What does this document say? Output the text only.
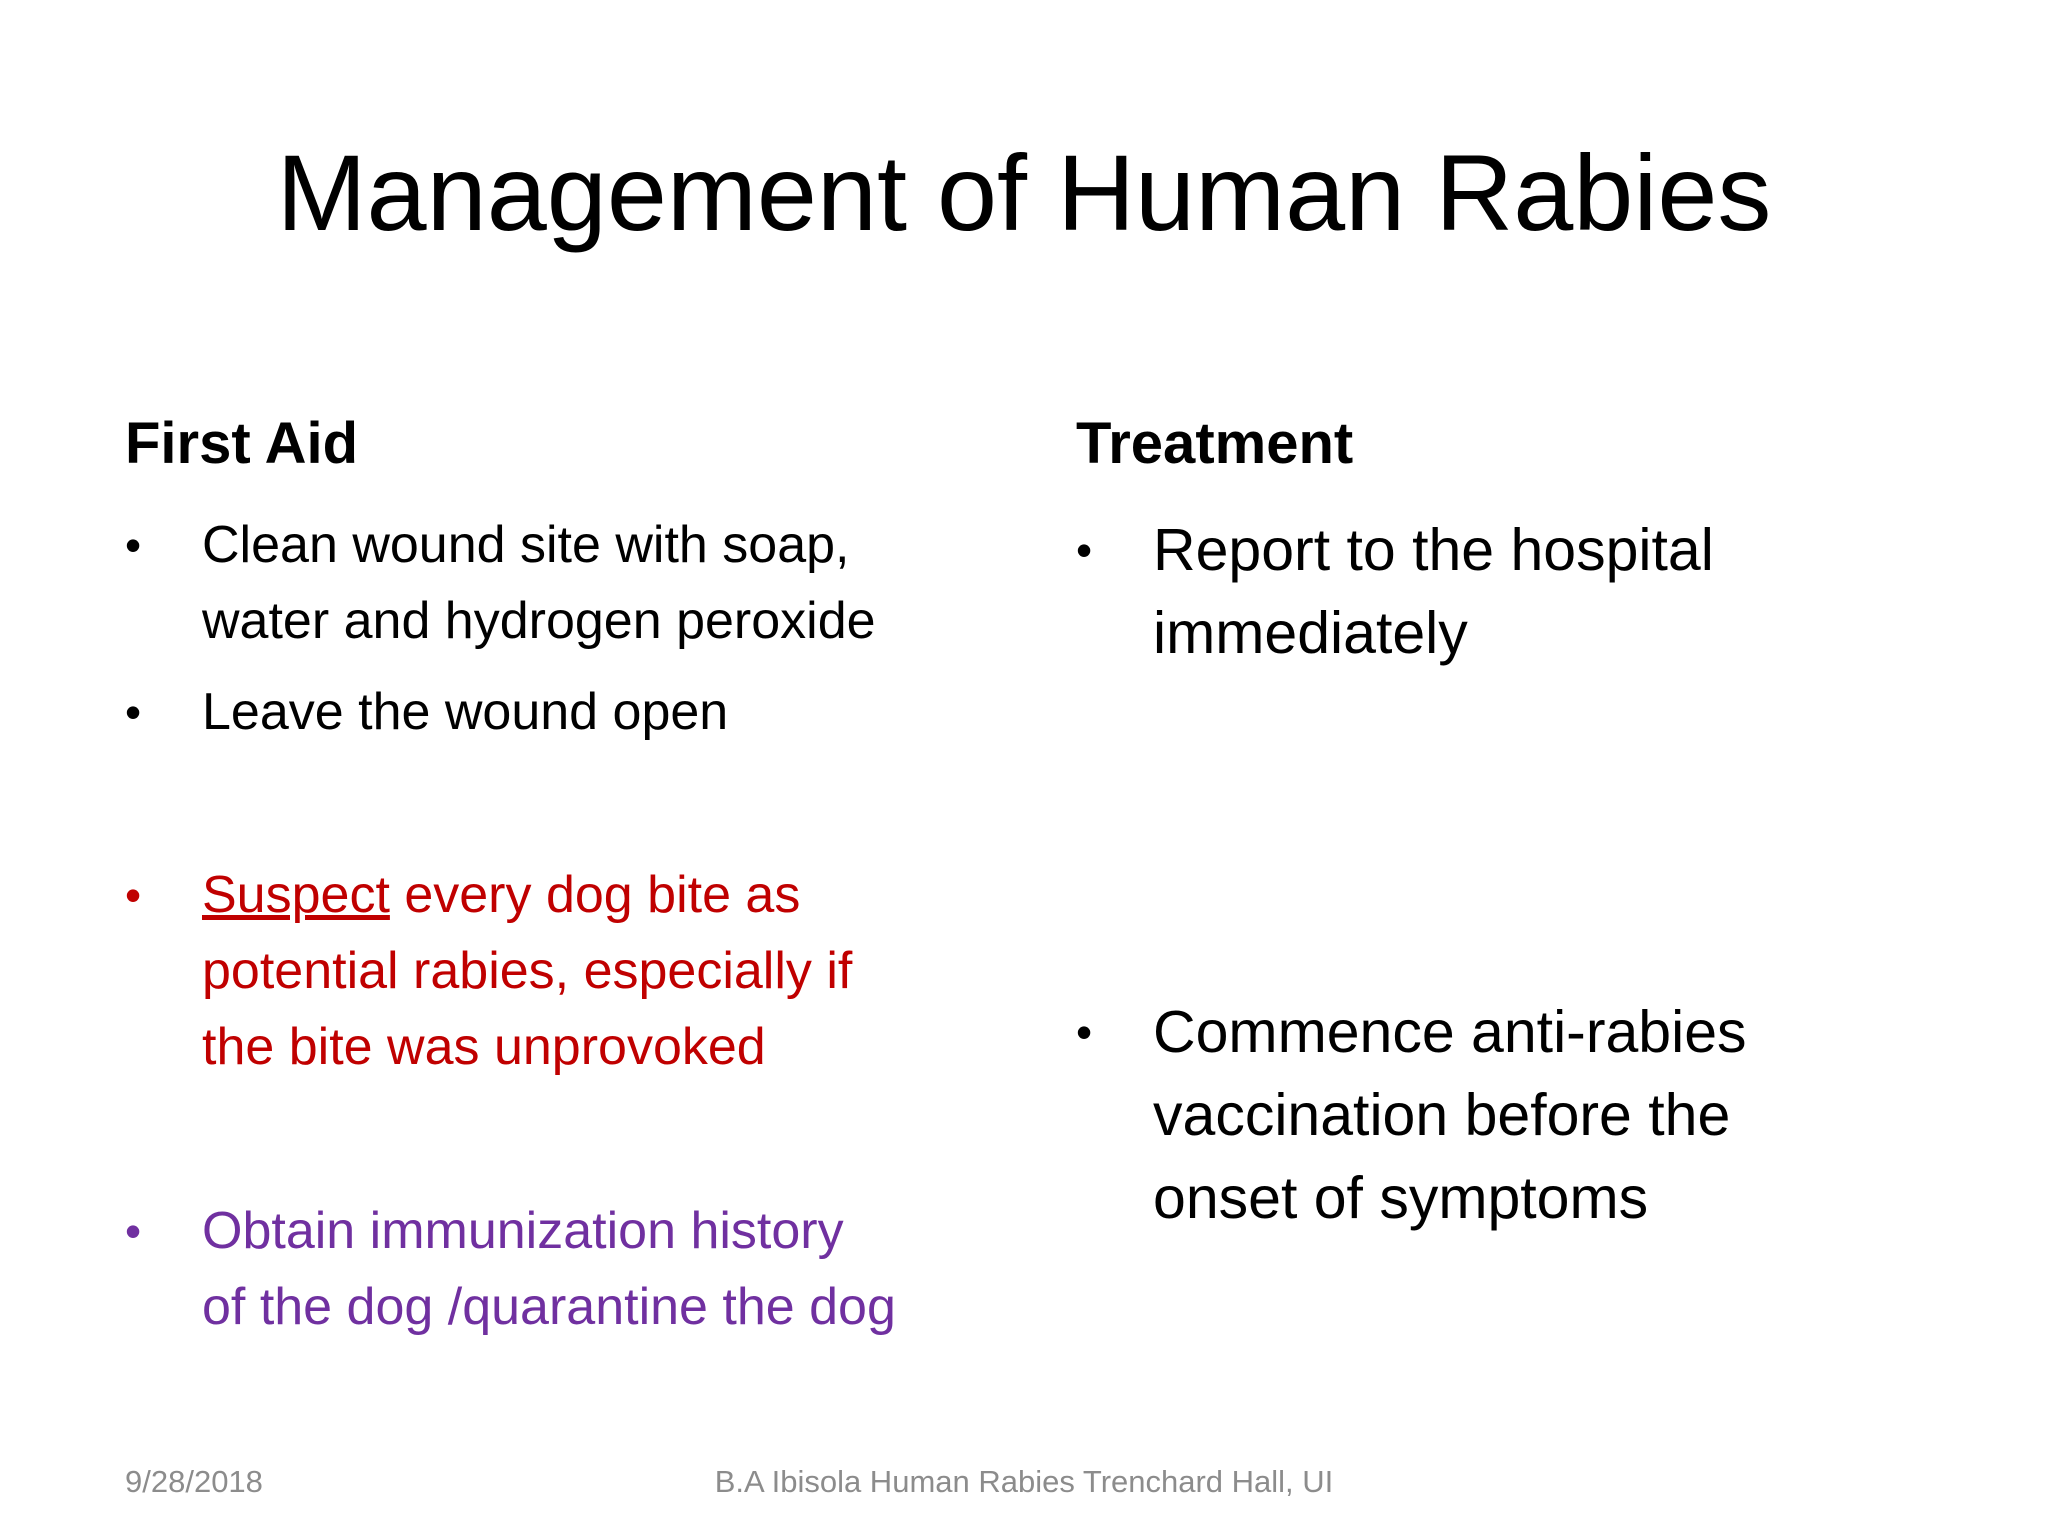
Management of Human Rabies
First Aid
• Clean wound site with soap,
water and hydrogen peroxide
• Leave the wound open
• Suspect every dog bite as
potential rabies, especially if
the bite was unprovoked
• Obtain immunization history
of the dog /quarantine the dog
Treatment
• Report to the hospital
immediately
• Commence anti-rabies
vaccination before the
onset of symptoms
9/28/2018	B.A Ibisola Human Rabies Trenchard Hall, UI
